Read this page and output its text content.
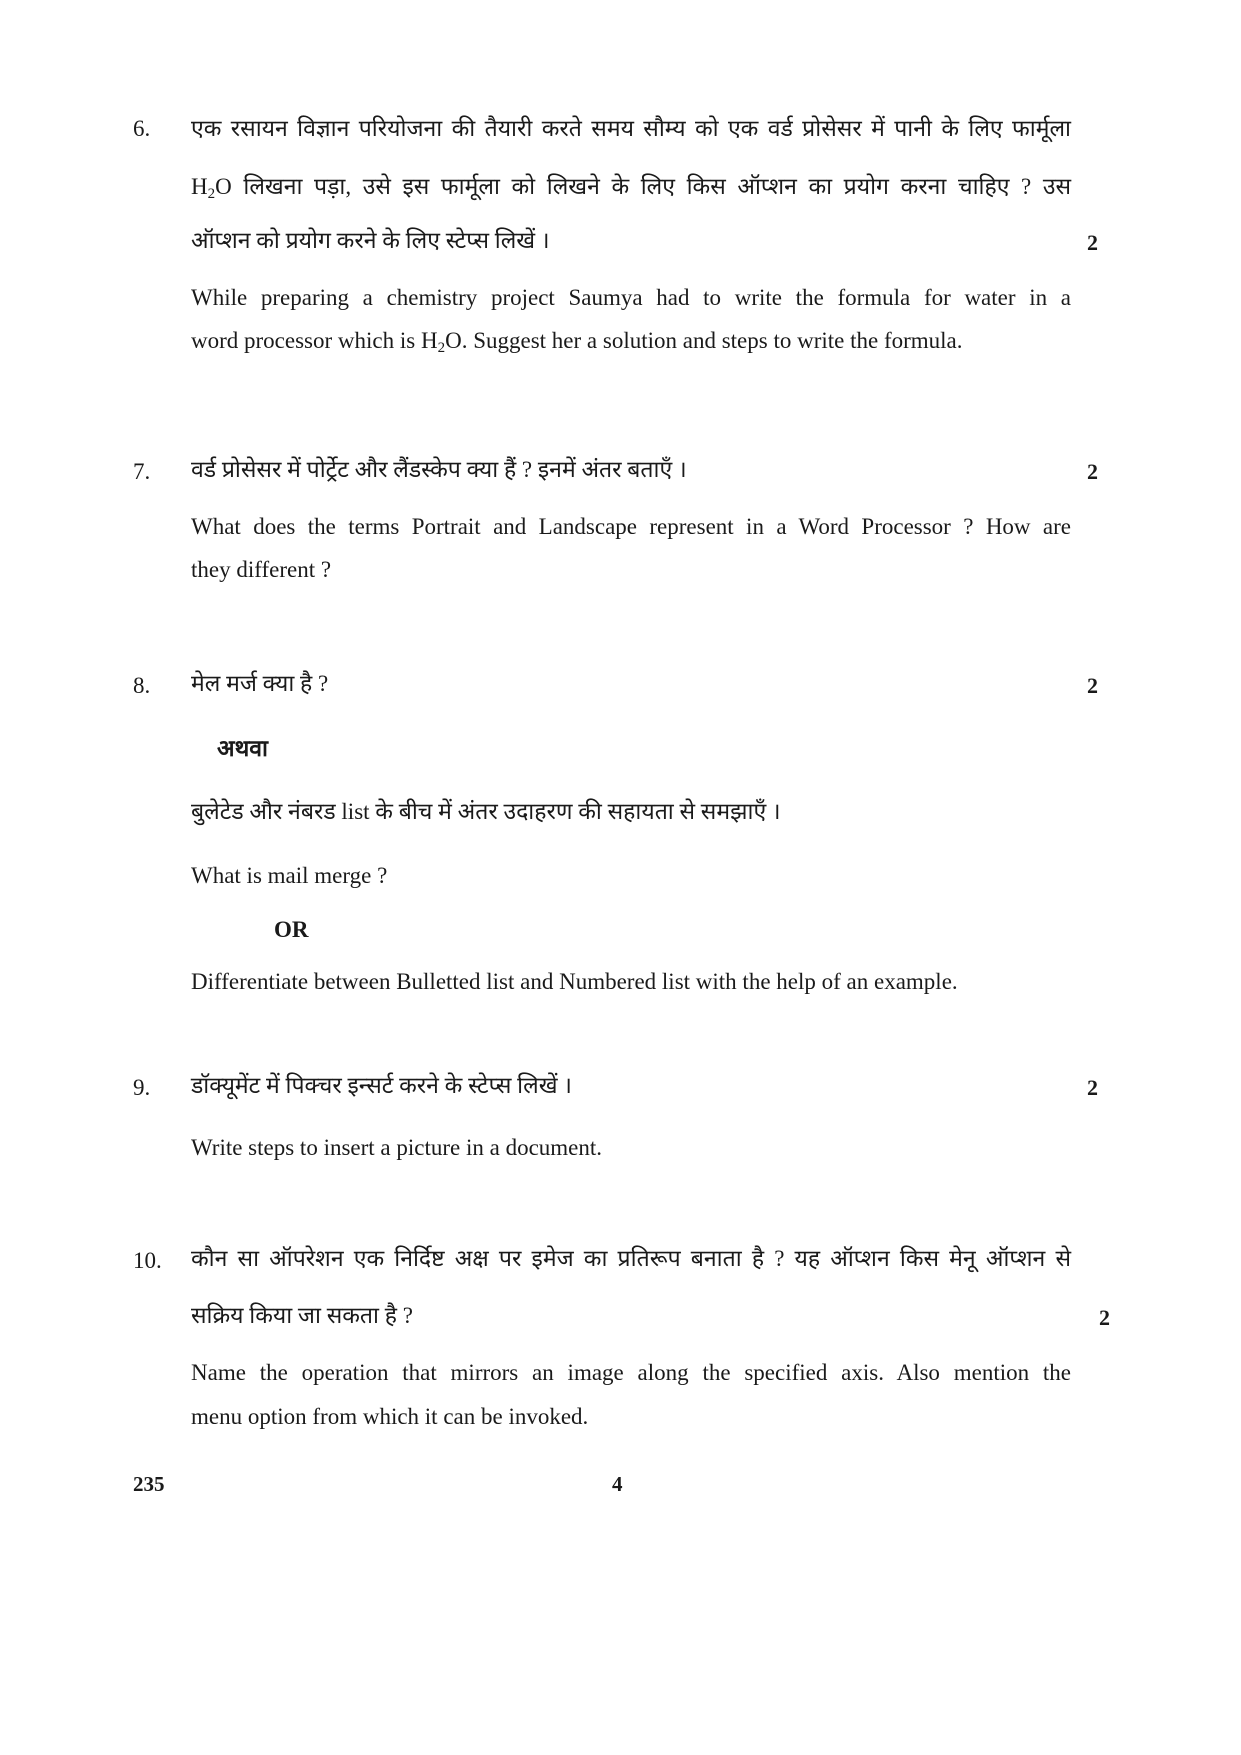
6. एक रसायन विज्ञान परियोजना की तैयारी करते समय सौम्य को एक वर्ड प्रोसेसर में पानी के लिए फार्मूला
$H_2O$ लिखना पड़ा, उसे इस फार्मूला को लिखने के लिए किस ऑप्शन का प्रयोग करना चाहिए ? उस
ऑप्शन को प्रयोग करने के लिए स्टेप्स लिखें ।	2
While preparing a chemistry project Saumya had to write the formula for water in a
word processor which is $H_2O$. Suggest her a solution and steps to write the formula.
7. वर्ड प्रोसेसर में पोर्ट्रेट और लैंडस्केप क्या हैं ? इनमें अंतर बताएँ ।	2
What does the terms Portrait and Landscape represent in a Word Processor ? How are
they different ?
8. मेल मर्ज क्या है ?	2
अथवा
बुलेटेड और नंबरड list के बीच में अंतर उदाहरण की सहायता से समझाएँ ।
What is mail merge ?
OR
Differentiate between Bulletted list and Numbered list with the help of an example.
9. डॉक्यूमेंट में पिक्चर इन्सर्ट करने के स्टेप्स लिखें ।	2
Write steps to insert a picture in a document.
10. कौन सा ऑपरेशन एक निर्दिष्ट अक्ष पर इमेज का प्रतिरूप बनाता है ? यह ऑप्शन किस मेनू ऑप्शन से
सक्रिय किया जा सकता है ?	2
Name the operation that mirrors an image along the specified axis. Also mention the
menu option from which it can be invoked.
235	4
